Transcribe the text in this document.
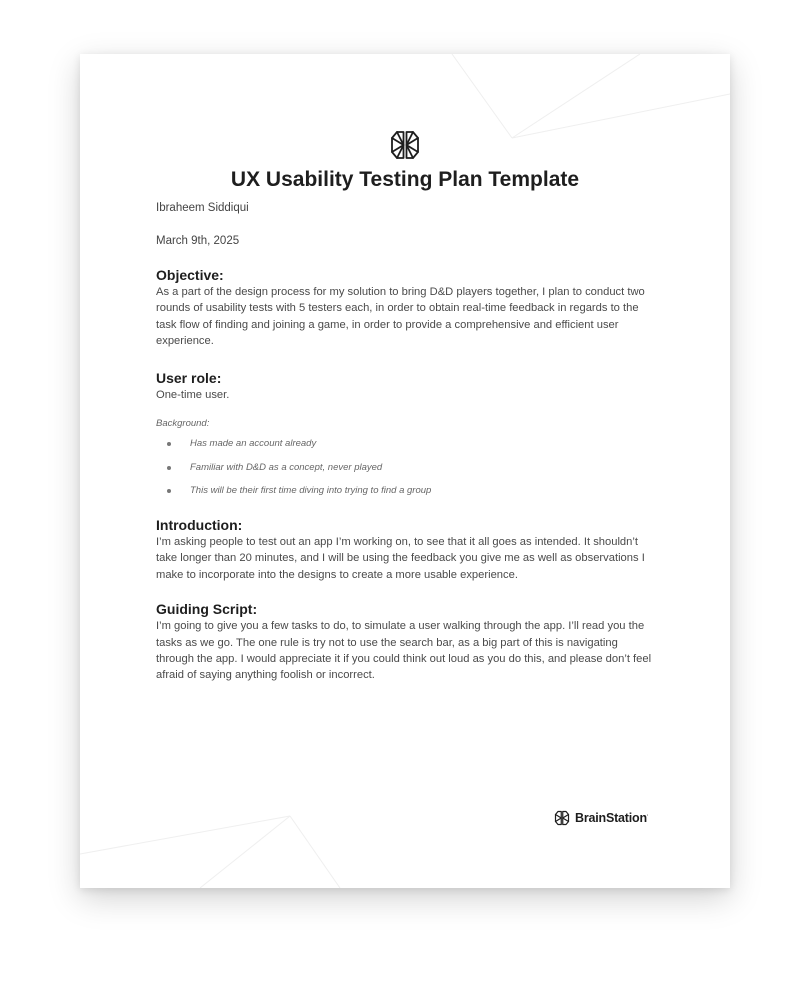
UX Usability Testing Plan Template

Ibraheem Siddiqui

March 9th, 2025

Objective:

As a part of the design process for my solution to bring D&D players together, I plan to conduct two rounds of usability tests with 5 testers each, in order to obtain real-time feedback in regards to the task flow of finding and joining a game, in order to provide a comprehensive and efficient user experience.

User role:

One-time user.

Background:

Has made an account already
Familiar with D&D as a concept, never played
This will be their first time diving into trying to find a group
Introduction:

I’m asking people to test out an app I’m working on, to see that it all goes as intended. It shouldn’t take longer than 20 minutes, and I will be using the feedback you give me as well as observations I make to incorporate into the designs to create a more usable experience.

Guiding Script:

I’m going to give you a few tasks to do, to simulate a user walking through the app. I’ll read you the tasks as we go. The one rule is try not to use the search bar, as a big part of this is navigating through the app. I would appreciate it if you could think out loud as you do this, and please don’t feel afraid of saying anything foolish or incorrect.

BrainStation ’
